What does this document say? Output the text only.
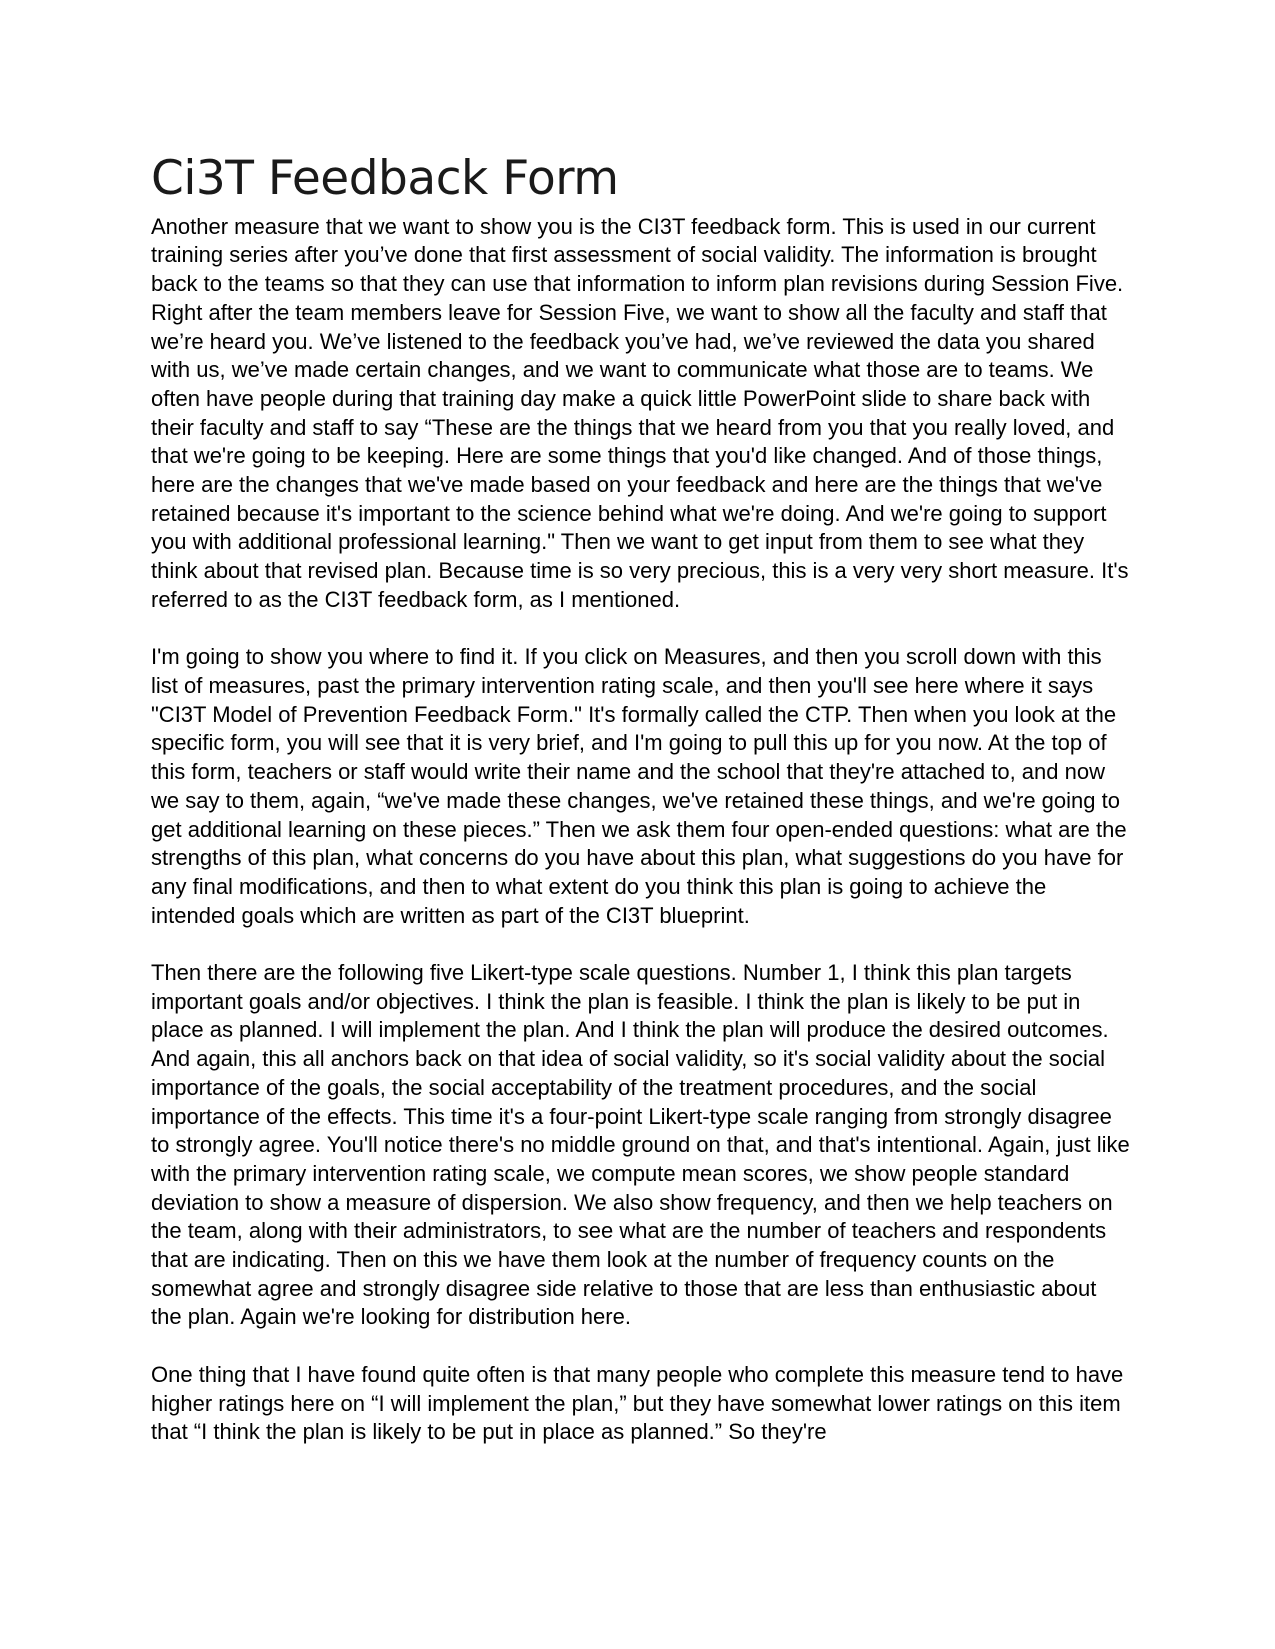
Ci3T Feedback Form

Another measure that we want to show you is the CI3T feedback form. This is used in our current training series after you’ve done that first assessment of social validity. The information is brought back to the teams so that they can use that information to inform plan revisions during Session Five. Right after the team members leave for Session Five, we want to show all the faculty and staff that we’re heard you. We’ve listened to the feedback you’ve had, we’ve reviewed the data you shared with us, we’ve made certain changes, and we want to communicate what those are to teams. We often have people during that training day make a quick little PowerPoint slide to share back with their faculty and staff to say “These are the things that we heard from you that you really loved, and that we're going to be keeping. Here are some things that you'd like changed. And of those things, here are the changes that we've made based on your feedback and here are the things that we've retained because it's important to the science behind what we're doing. And we're going to support you with additional professional learning." Then we want to get input from them to see what they think about that revised plan. Because time is so very precious, this is a very very short measure. It's referred to as the CI3T feedback form, as I mentioned.

I'm going to show you where to find it. If you click on Measures, and then you scroll down with this list of measures, past the primary intervention rating scale, and then you'll see here where it says "CI3T Model of Prevention Feedback Form." It's formally called the CTP. Then when you look at the specific form, you will see that it is very brief, and I'm going to pull this up for you now. At the top of this form, teachers or staff would write their name and the school that they're attached to, and now we say to them, again, “we've made these changes, we've retained these things, and we're going to get additional learning on these pieces.” Then we ask them four open-ended questions: what are the strengths of this plan, what concerns do you have about this plan, what suggestions do you have for any final modifications, and then to what extent do you think this plan is going to achieve the intended goals which are written as part of the CI3T blueprint.

Then there are the following five Likert-type scale questions. Number 1, I think this plan targets important goals and/or objectives. I think the plan is feasible. I think the plan is likely to be put in place as planned. I will implement the plan. And I think the plan will produce the desired outcomes. And again, this all anchors back on that idea of social validity, so it's social validity about the social importance of the goals, the social acceptability of the treatment procedures, and the social importance of the effects. This time it's a four-point Likert-type scale ranging from strongly disagree to strongly agree. You'll notice there's no middle ground on that, and that's intentional. Again, just like with the primary intervention rating scale, we compute mean scores, we show people standard deviation to show a measure of dispersion. We also show frequency, and then we help teachers on the team, along with their administrators, to see what are the number of teachers and respondents that are indicating. Then on this we have them look at the number of frequency counts on the somewhat agree and strongly disagree side relative to those that are less than enthusiastic about the plan. Again we're looking for distribution here.

One thing that I have found quite often is that many people who complete this measure tend to have higher ratings here on “I will implement the plan,” but they have somewhat lower ratings on this item that “I think the plan is likely to be put in place as planned.” So they're
